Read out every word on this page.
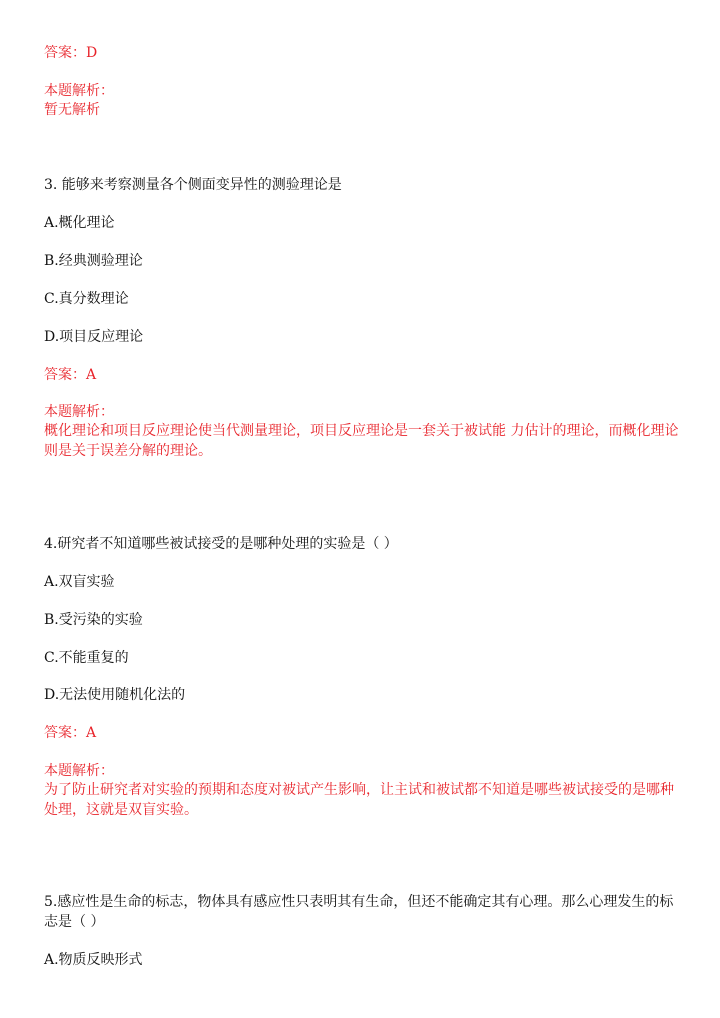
答案：D
本题解析：
暂无解析
3. 能够来考察测量各个侧面变异性的测验理论是
A.概化理论
B.经典测验理论
C.真分数理论
D.项目反应理论
答案：A
本题解析：
概化理论和项目反应理论使当代测量理论，项目反应理论是一套关于被试能 力估计的理论，而概化理论则是关于误差分解的理论。
4.研究者不知道哪些被试接受的是哪种处理的实验是（ ）
A.双盲实验
B.受污染的实验
C.不能重复的
D.无法使用随机化法的
答案：A
本题解析：
为了防止研究者对实验的预期和态度对被试产生影响，让主试和被试都不知道是哪些被试接受的是哪种处理，这就是双盲实验。
5.感应性是生命的标志，物体具有感应性只表明其有生命，但还不能确定其有心理。那么心理发生的标志是（ ）
A.物质反映形式
